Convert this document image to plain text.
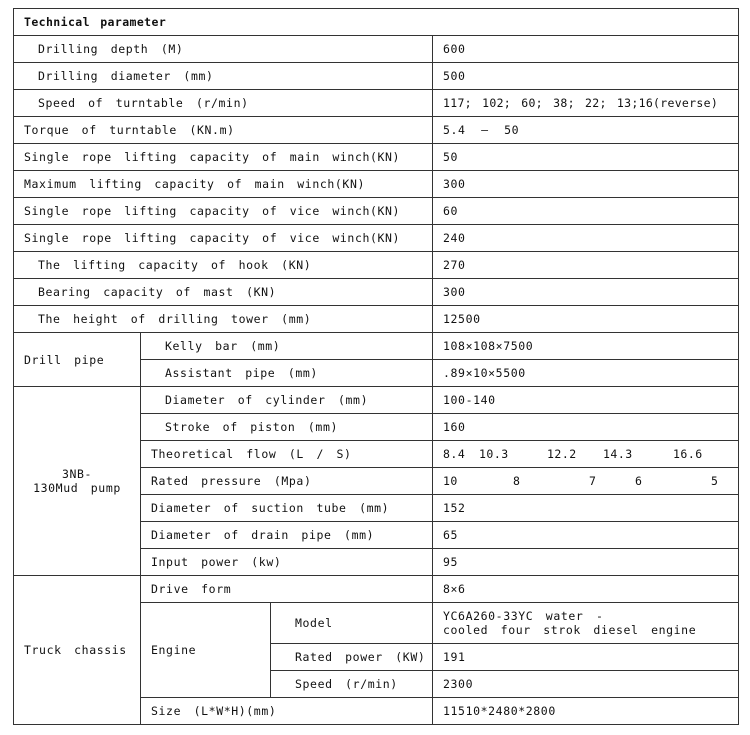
Technical parameter			
Drilling depth (M)			600
Drilling diameter (mm)			500
Speed of turntable (r/min)			117; 102; 60; 38; 22; 13;16(reverse)
Torque of turntable (KN.m)			5.4 — 50
Single rope lifting capacity of main winch(KN)			50
Maximum lifting capacity of main winch(KN)			300
Single rope lifting capacity of vice winch(KN)			60
Single rope lifting capacity of vice winch(KN)			240
The lifting capacity of hook (KN)			270
Bearing capacity of mast (KN)			300
The height of drilling tower (mm)			12500
Drill pipe	Kelly bar (mm)		108×108×7500
	Assistant pipe (mm)		.89×10×5500

3NB-
130Mud pump	Diameter of cylinder (mm)		100-140
	Stroke of piston (mm)		160
	Theoretical flow (L / S)		8.4 10.3 12.2 14.3 16.6

	Rated pressure (Mpa)		10 8 7 6 5

	Diameter of suction tube (mm)		152
	Diameter of drain pipe (mm)		65
	Input power (kw)		95
Truck chassis	Drive form		8×6
	Engine	Model	YC6A260-33YC water -
cooled four strok diesel engine

		Rated power (KW)	191
		Speed (r/min)	2300
	Size (L*W*H)(mm)		11510*2480*2800
